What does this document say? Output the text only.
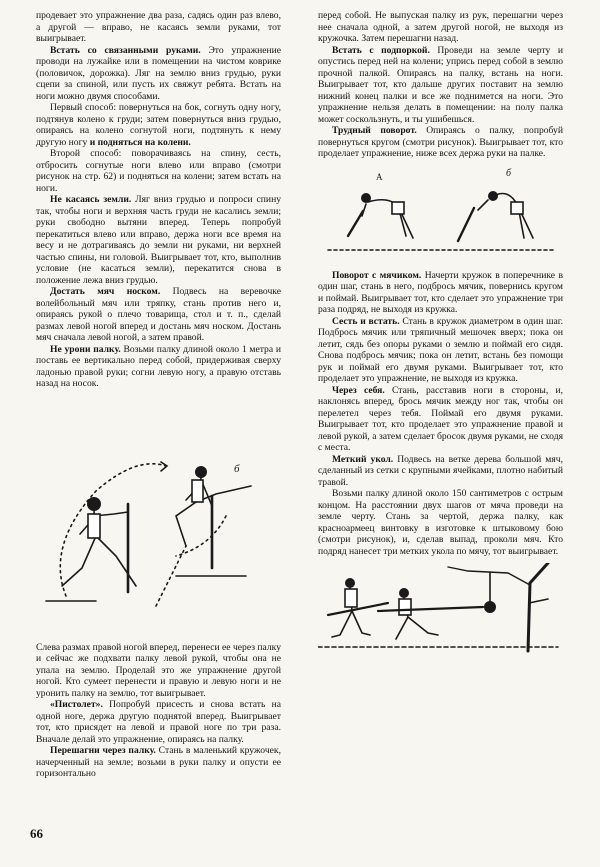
продевает это упражнение два раза, садясь один раз влево, а другой — вправо, не касаясь земли руками, тот выигрывает.

Встать со связанными руками. Это упражнение проводи на лужайке или в помещении на чистом коврике (половичок, дорожка). Ляг на землю вниз грудью, руки сцепи за спиной, или пусть их свяжут ребята. Встать на ноги можно двумя способами.

Первый способ: повернуться на бок, согнуть одну ногу, подтянув колено к груди; затем повернуться вниз грудью, опираясь на колено согнутой ноги, подтянуть к нему другую ногу и подняться на колени.

Второй способ: поворачиваясь на спину, сесть, отбросить согнутые ноги влево или вправо (смотри рисунок на стр. 62) и подняться на колени; затем встать на ноги.

Не касаясь земли. Ляг вниз грудью и попроси спину так, чтобы ноги и верхняя часть груди не касались земли; руки свободно вытяни вперед. Теперь попробуй перекатиться влево или вправо, держа ноги все время на весу и не дотрагиваясь до земли ни руками, ни верхней частью спины, ни головой. Выигрывает тот, кто, выполнив условие (не касаться земли), перекатится снова в положение лежа вниз грудью.

Достать мяч носком. Подвесь на веревочке волейбольный мяч или тряпку, стань против него и, опираясь рукой о плечо товарища, стол и т. п., сделай размах левой ногой вперед и достань мяч носком. Достань мяч сначала левой ногой, а затем правой.

Не урони палку. Возьми палку длиной около 1 метра и поставь ее вертикально перед собой, придерживая сверху ладонью правой руки; согни левую ногу, а правую отставь назад на носок.

б

Слева размах правой ногой вперед, перенеси ее через палку и сейчас же подхвати палку левой рукой, чтобы она не упала на землю. Проделай это же упражнение другой ногой. Кто сумеет перенести и правую и левую ноги и не уронить палку на землю, тот выигрывает.

«Пистолет». Попробуй присесть и снова встать на одной ноге, держа другую поднятой вперед. Выигрывает тот, кто присядет на левой и правой ноге по три раза. Вначале делай это упражнение, опираясь на палку.

Перешагни через палку. Стань в маленький кружочек, начерченный на земле; возьми в руки палку и опусти ее горизонтально

перед собой. Не выпуская палку из рук, перешагни через нее сначала одной, а затем другой ногой, не выходя из кружочка. Затем перешагни назад.

Встать с подпоркой. Проведи на земле черту и опустись перед ней на колени; упрись перед собой в землю прочной палкой. Опираясь на палку, встань на ноги. Выигрывает тот, кто дальше других поставит на землю нижний конец палки и все же поднимется на ноги. Это упражнение нельзя делать в помещении: на полу палка может соскользнуть, и ты ушибешься.

Трудный поворот. Опираясь о палку, попробуй повернуться кругом (смотри рисунок). Выигрывает тот, кто проделает упражнение, ниже всех держа руки на палке.

А	б

Поворот с мячиком. Начерти кружок в поперечнике в один шаг, стань в него, подбрось мячик, повернись кругом и поймай. Выигрывает тот, кто сделает это упражнение три раза подряд, не выходя из кружка.

Сесть и встать. Стань в кружок диаметром в один шаг. Подбрось мячик или тряпичный мешочек вверх; пока он летит, сядь без опоры руками о землю и поймай его сидя. Снова подбрось мячик; пока он летит, встань без помощи рук и поймай его двумя руками. Выигрывает тот, кто проделает это упражнение, не выходя из кружка.

Через себя. Стань, расставив ноги в стороны, и, наклонясь вперед, брось мячик между ног так, чтобы он перелетел через тебя. Поймай его двумя руками. Выигрывает тот, кто проделает это упражнение правой и левой рукой, а затем сделает бросок двумя руками, не сходя с места.

Меткий укол. Подвесь на ветке дерева большой мяч, сделанный из сетки с крупными ячейками, плотно набитый травой.

Возьми палку длиной около 150 сантиметров с острым концом. На расстоянии двух шагов от мяча проведи на земле черту. Стань за чертой, держа палку, как красноармеец винтовку в изготовке к штыковому бою (смотри рисунок), и, сделав выпад, проколи мяч. Кто подряд нанесет три метких укола по мячу, тот выигрывает.

66
